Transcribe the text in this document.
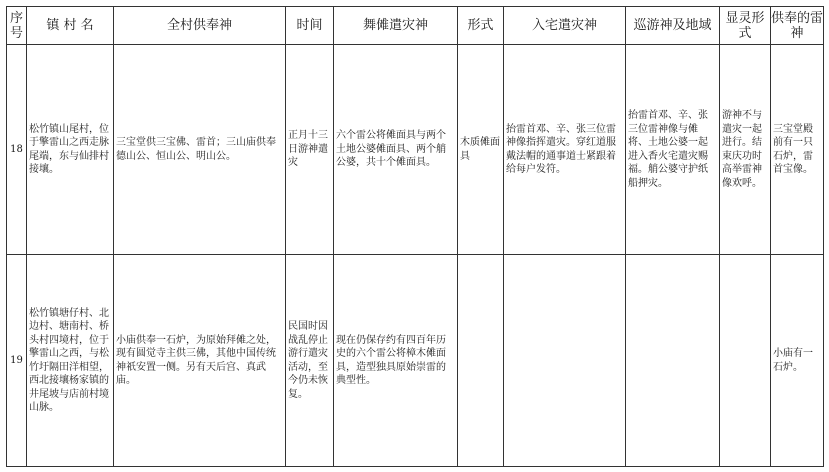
序号	镇 村 名	全村供奉神	时间	舞傩遣灾神	形式	入宅遣灾神	巡游神及地域	显灵形式	供奉的雷神
18	松竹镇山尾村，位于擎雷山之西走脉尾端，东与仙排村接壤。	三宝堂供三宝佛、雷首；三山庙供奉德山公、恒山公、明山公。	正月十三日游神遣灾	六个雷公将傩面具与两个土地公婆傩面具、两个艄公婆，共十个傩面具。	木质傩面具	抬雷首邓、辛、张三位雷神像指挥遣灾。穿红道服戴法帽的通事道士紧跟着给每户发符。	抬雷首邓、辛、张三位雷神像与傩将、土地公婆一起进入香火宅遣灾赐福。艄公婆守护纸船押灾。	游神不与遣灾一起进行。结束庆功时高举雷神像欢呼。	三宝堂殿前有一只石炉，雷首宝像。

19	松竹镇塘仔村、北边村、塘南村、桥头村四境村，位于擎雷山之西，与松竹圩隔田洋相望，西北接壤杨家镇的井尾坡与店前村境山脉。	小庙供奉一石炉，为原始拜傩之处，现有圆觉寺主供三佛，其他中国传统神祇安置一侧。另有天后宫、真武庙。	民国时因战乱停止游行遣灾活动，至今仍未恢复。	现在仍保存约有四百年历史的六个雷公将樟木傩面具，造型独具原始崇雷的典型性。					小庙有一石炉。
